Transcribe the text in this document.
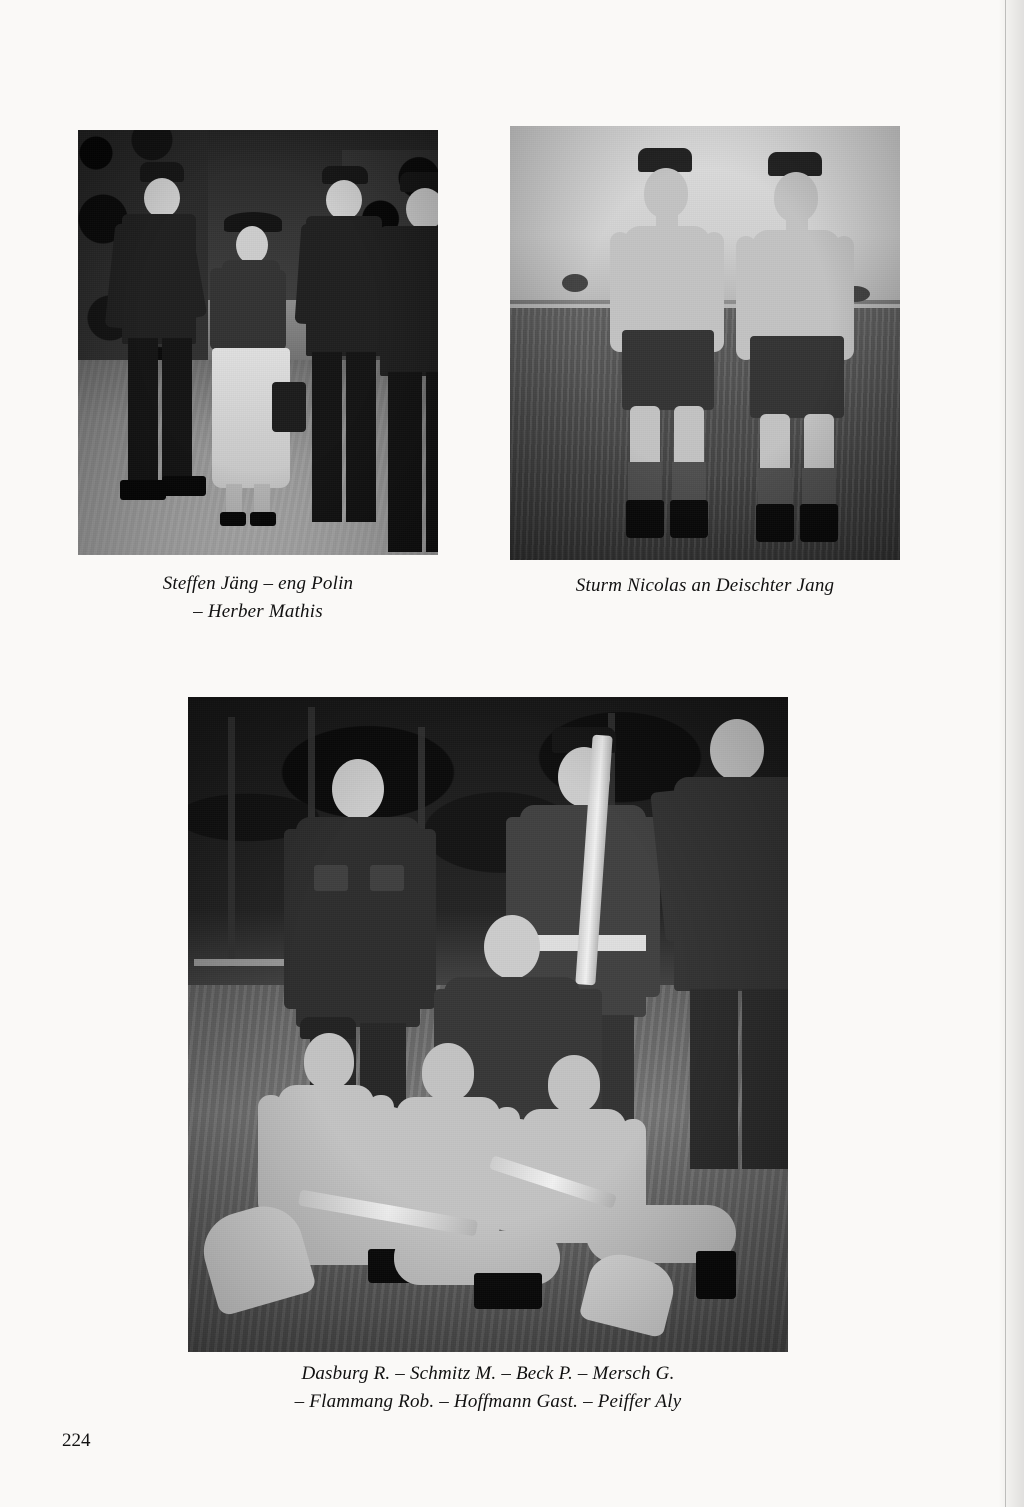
Steffen Jäng – eng Polin
– Herber Mathis
Sturm Nicolas an Deischter Jang
Dasburg R. – Schmitz M. – Beck P. – Mersch G.
– Flammang Rob. – Hoffmann Gast. – Peiffer Aly
224
